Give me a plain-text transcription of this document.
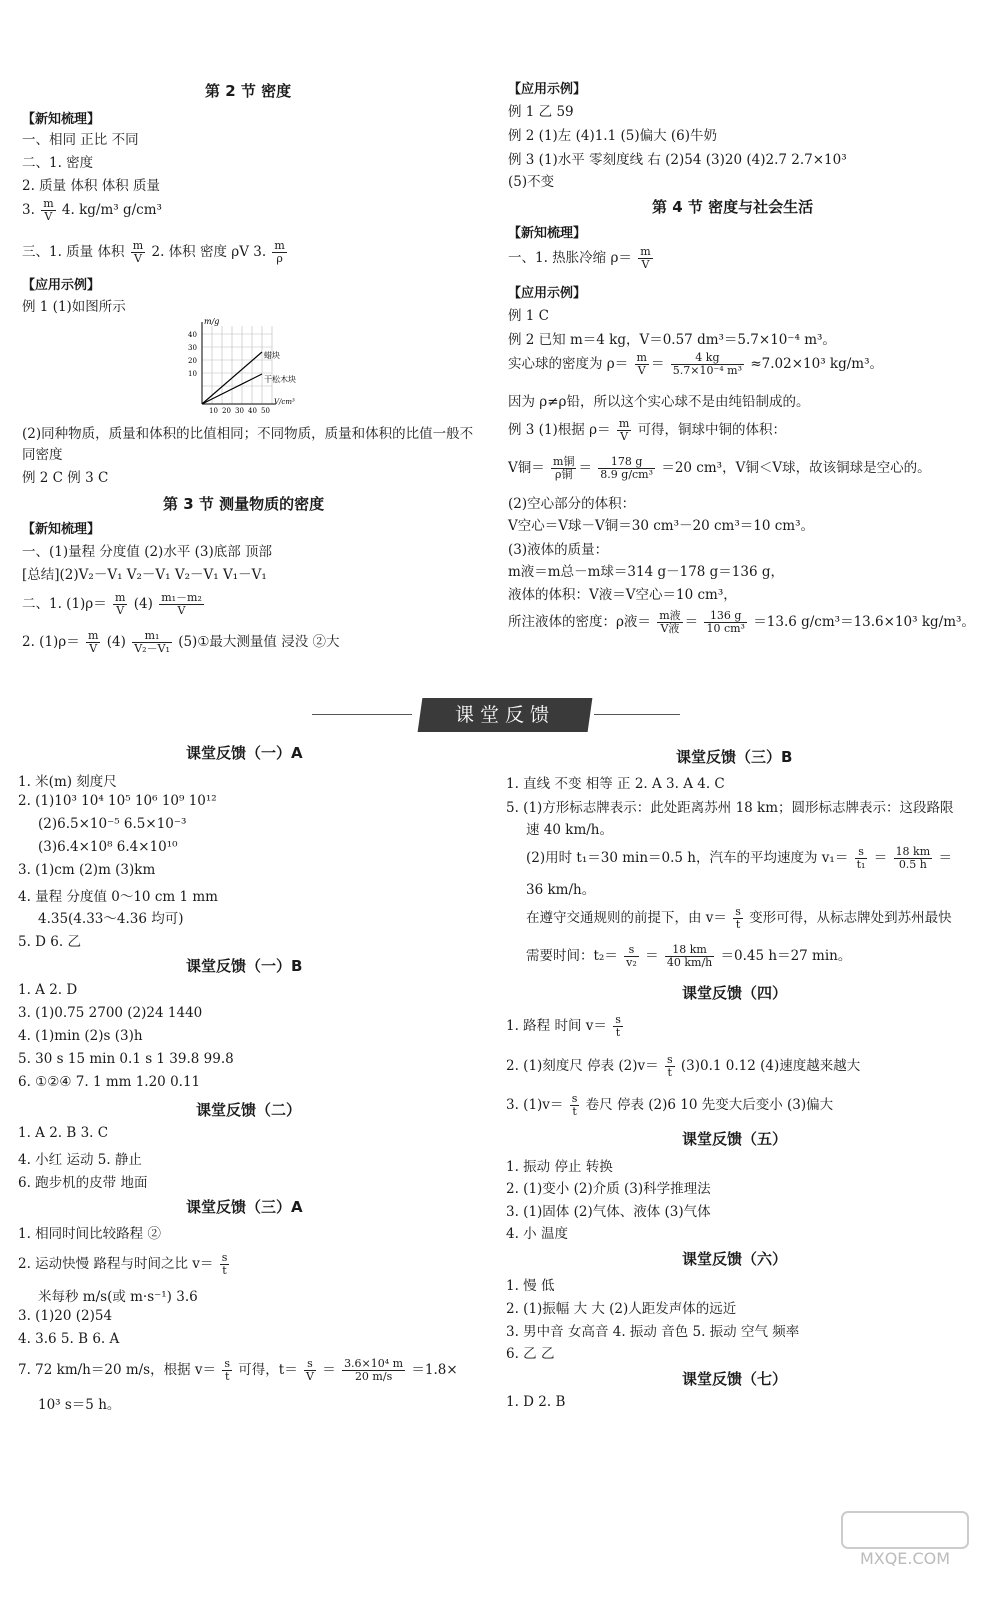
第 2 节 密度
【新知梳理】
一、相同 正比 不同
二、1. 密度
2. 质量 体积 体积 质量
3. $\frac{m}{V} 4$. kg/m³ g/cm³
三、1. 质量 体积 $\frac{m}{V} 2$. 体积 密度 ρV 3. $\frac{m}{\rho}$
【应用示例】
例 1 (1)如图所示
m/g
40
30
20
10
10 20 30 40 50
V/cm³
蜡块
干松木块
(2)同种物质，质量和体积的比值相同；不同物质，质量和体积的比值一般不
同密度
例 2 C 例 3 C
第 3 节 测量物质的密度
【新知梳理】
一、(1)量程 分度值 (2)水平 (3)底部 顶部
[总结](2)V₂－V₁ V₂－V₁ V₂－V₁ V₁－V₁
二、1. $(1)\rho= \frac{m}{V} (4) \frac{\text{m₁－m₂}}{V}$
2. $(1)\rho= \frac{m}{V} (4) \frac{\text{m₁}}{\text{V₂－V₁}}$ (5)①最大测量值 浸没 ②大
【应用示例】
例 1 乙 59
例 2 (1)左 (4)1.1 (5)偏大 (6)牛奶
例 3 (1)水平 零刻度线 右 (2)54 (3)20 (4)2.7 2.7×10³
(5)不变
第 4 节 密度与社会生活
【新知梳理】
一、1. 热胀冷缩 $\rho= \frac{m}{V}$
【应用示例】
例 1 C
例 2 已知 m＝4 kg，V＝0.57 dm³＝5.7×10⁻⁴ m³。
实心球的密度为 $\rho= \frac{m}{V} = \frac{4 kg}{\text{5.7×10⁻⁴ m³}} \approx 7.02\times 10^3$ kg/m³。
因为 ρ≠ρ铅，所以这个实心球不是由纯铅制成的。
例 3 (1)根据 $\rho= \frac{m}{V}$ 可得，铜球中铜的体积：
V铜＝ m铜
ρ铜 ＝ $\frac{178 g}{\text{8.9 g/cm³}} =20$ cm³，V铜＜V球，故该铜球是空心的。
(2)空心部分的体积：
V空心＝V球－V铜＝30 cm³－20 cm³＝10 cm³。
(3)液体的质量：
m液＝m总－m球＝314 g－178 g＝136 g，
液体的体积：V液＝V空心＝10 cm³，
所注液体的密度：ρ液＝ m液
V液 ＝ $\frac{136 g}{\text{10 cm³}} =13.6$ g/cm³＝13.6×10³ kg/m³。
课堂反馈
课堂反馈（一）A
1. 米(m) 刻度尺
2. (1)10³ 10⁴ 10⁵ 10⁶ 10⁹ 10¹²
(2)6.5×10⁻⁵ 6.5×10⁻³
(3)6.4×10⁸ 6.4×10¹⁰
3. (1)cm (2)m (3)km
4. 量程 分度值 0～10 cm 1 mm
4.35(4.33～4.36 均可)
5. D 6. 乙
课堂反馈（一）B
1. A 2. D
3. (1)0.75 2700 (2)24 1440
4. (1)min (2)s (3)h
5. 30 s 15 min 0.1 s 1 39.8 99.8
6. ①②④ 7. 1 mm 1.20 0.11
课堂反馈（二）
1. A 2. B 3. C
4. 小红 运动 5. 静止
6. 跑步机的皮带 地面
课堂反馈（三）A
1. 相同时间比较路程 ②
2. 运动快慢 路程与时间之比 $v= \frac{s}{t}$
米每秒 m/s(或 m·s⁻¹) 3.6
3. (1)20 (2)54
4. 3.6 5. B 6. A
7. 72 km/h＝20 m/s，根据 $v= \frac{s}{t}$ 可得，$t= \frac{s}{V} = \frac{\text{3.6×10⁴ m}}{20 m/s} =1.8\times$
10³ s＝5 h。
课堂反馈（三）B
1. 直线 不变 相等 正 2. A 3. A 4. C
5. (1)方形标志牌表示：此处距离苏州 18 km；圆形标志牌表示：这段路限
速 40 km/h。
(2)用时 t₁＝30 min＝0.5 h，汽车的平均速度为 $v_1= \frac{s}{\text{t₁}} = \frac{18 km}{0.5 h}$ ＝
36 km/h。
在遵守交通规则的前提下，由 $v= \frac{s}{t}$ 变形可得，从标志牌处到苏州最快
需要时间：$t_2= \frac{s}{\text{v₂}} = \frac{18 km}{40 km/h} =0.45$ h＝27 min。
课堂反馈（四）
1. 路程 时间 $v= \frac{s}{t}$
2. (1)刻度尺 停表 $(2)v= \frac{s}{t} (3)0.1$ 0.12 (4)速度越来越大
3. $(1)v= \frac{s}{t}$ 卷尺 停表 (2)6 10 先变大后变小 (3)偏大
课堂反馈（五）
1. 振动 停止 转换
2. (1)变小 (2)介质 (3)科学推理法
3. (1)固体 (2)气体、液体 (3)气体
4. 小 温度
课堂反馈（六）
1. 慢 低
2. (1)振幅 大 大 (2)人距发声体的远近
3. 男中音 女高音 4. 振动 音色 5. 振动 空气 频率
6. 乙 乙
课堂反馈（七）
1. D 2. B
MXQE.COM
